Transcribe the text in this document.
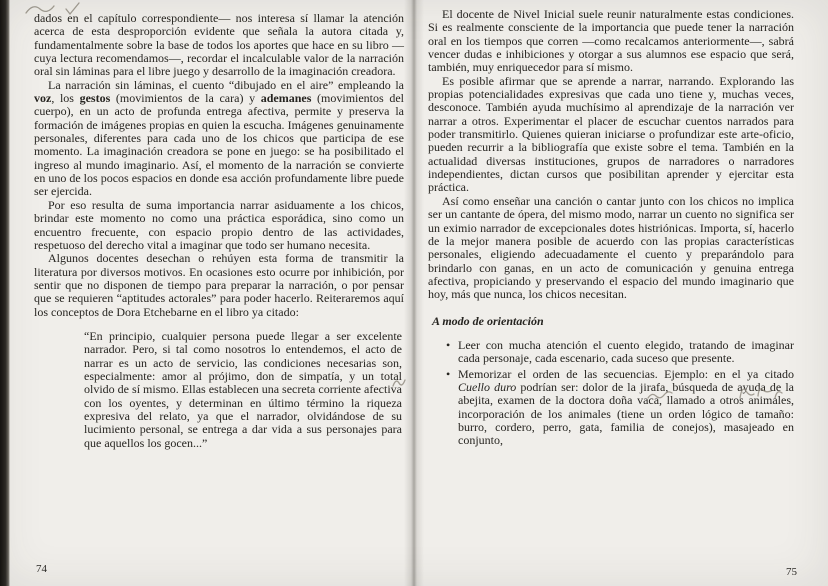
dados en el capítulo correspondiente— nos interesa sí llamar la atención acerca de esta desproporción evidente que señala la autora citada y, fundamentalmente sobre la base de todos los aportes que hace en su libro —cuya lectura recomendamos—, recordar el incalculable valor de la narración oral sin láminas para el libre juego y desarrollo de la imaginación creadora.

La narración sin láminas, el cuento “dibujado en el aire” empleando la voz, los gestos (movimientos de la cara) y ademanes (movimientos del cuerpo), en un acto de profunda entrega afectiva, permite y preserva la formación de imágenes propias en quien la escucha. Imágenes genuinamente personales, diferentes para cada uno de los chicos que participa de ese momento. La imaginación creadora se pone en juego: se ha posibilitado el ingreso al mundo imaginario. Así, el momento de la narración se convierte en uno de los pocos espacios en donde esa acción profundamente libre puede ser ejercida.

Por eso resulta de suma importancia narrar asiduamente a los chicos, brindar este momento no como una práctica esporádica, sino como un encuentro frecuente, con espacio propio dentro de las actividades, respetuoso del derecho vital a imaginar que todo ser humano necesita.

Algunos docentes desechan o rehúyen esta forma de transmitir la literatura por diversos motivos. En ocasiones esto ocurre por inhibición, por sentir que no disponen de tiempo para preparar la narración, o por pensar que se requieren “aptitudes actorales” para poder hacerlo. Reiteraremos aquí los conceptos de Dora Etchebarne en el libro ya citado:

“En principio, cualquier persona puede llegar a ser excelente narrador. Pero, si tal como nosotros lo entendemos, el acto de narrar es un acto de servicio, las condiciones necesarias son, especialmente: amor al prójimo, don de simpatía, y un total olvido de sí mismo. Ellas establecen una secreta corriente afectiva con los oyentes, y determinan en último término la riqueza expresiva del relato, ya que el narrador, olvidándose de su lucimiento personal, se entrega a dar vida a sus personajes para que aquellos los gocen...”

El docente de Nivel Inicial suele reunir naturalmente estas condiciones. Si es realmente consciente de la importancia que puede tener la narración oral en los tiempos que corren —como recalcamos anteriormente—, sabrá vencer dudas e inhibiciones y otorgar a sus alumnos ese espacio que será, también, muy enriquecedor para sí mismo.

Es posible afirmar que se aprende a narrar, narrando. Explorando las propias potencialidades expresivas que cada uno tiene y, muchas veces, desconoce. También ayuda muchísimo al aprendizaje de la narración ver narrar a otros. Experimentar el placer de escuchar cuentos narrados para poder transmitirlo. Quienes quieran iniciarse o profundizar este arte-oficio, pueden recurrir a la bibliografía que existe sobre el tema. También en la actualidad diversas instituciones, grupos de narradores o narradores independientes, dictan cursos que posibilitan aprender y ejercitar esta práctica.

Así como enseñar una canción o cantar junto con los chicos no implica ser un cantante de ópera, del mismo modo, narrar un cuento no significa ser un eximio narrador de excepcionales dotes histriónicas. Importa, sí, hacerlo de la mejor manera posible de acuerdo con las propias características personales, eligiendo adecuadamente el cuento y preparándolo para brindarlo con ganas, en un acto de comunicación y genuina entrega afectiva, propiciando y preservando el espacio del mundo imaginario que hoy, más que nunca, los chicos necesitan.

A modo de orientación
• Leer con mucha atención el cuento elegido, tratando de imaginar cada personaje, cada escenario, cada suceso que presente.
• Memorizar el orden de las secuencias. Ejemplo: en el ya citado Cuello duro podrían ser: dolor de la jirafa, búsqueda de ayuda de la abejita, examen de la doctora doña vaca, llamado a otros animales, incorporación de los animales (tiene un orden lógico de tamaño: burro, cordero, perro, gata, familia de conejos), masajeado en conjunto,
74	75
